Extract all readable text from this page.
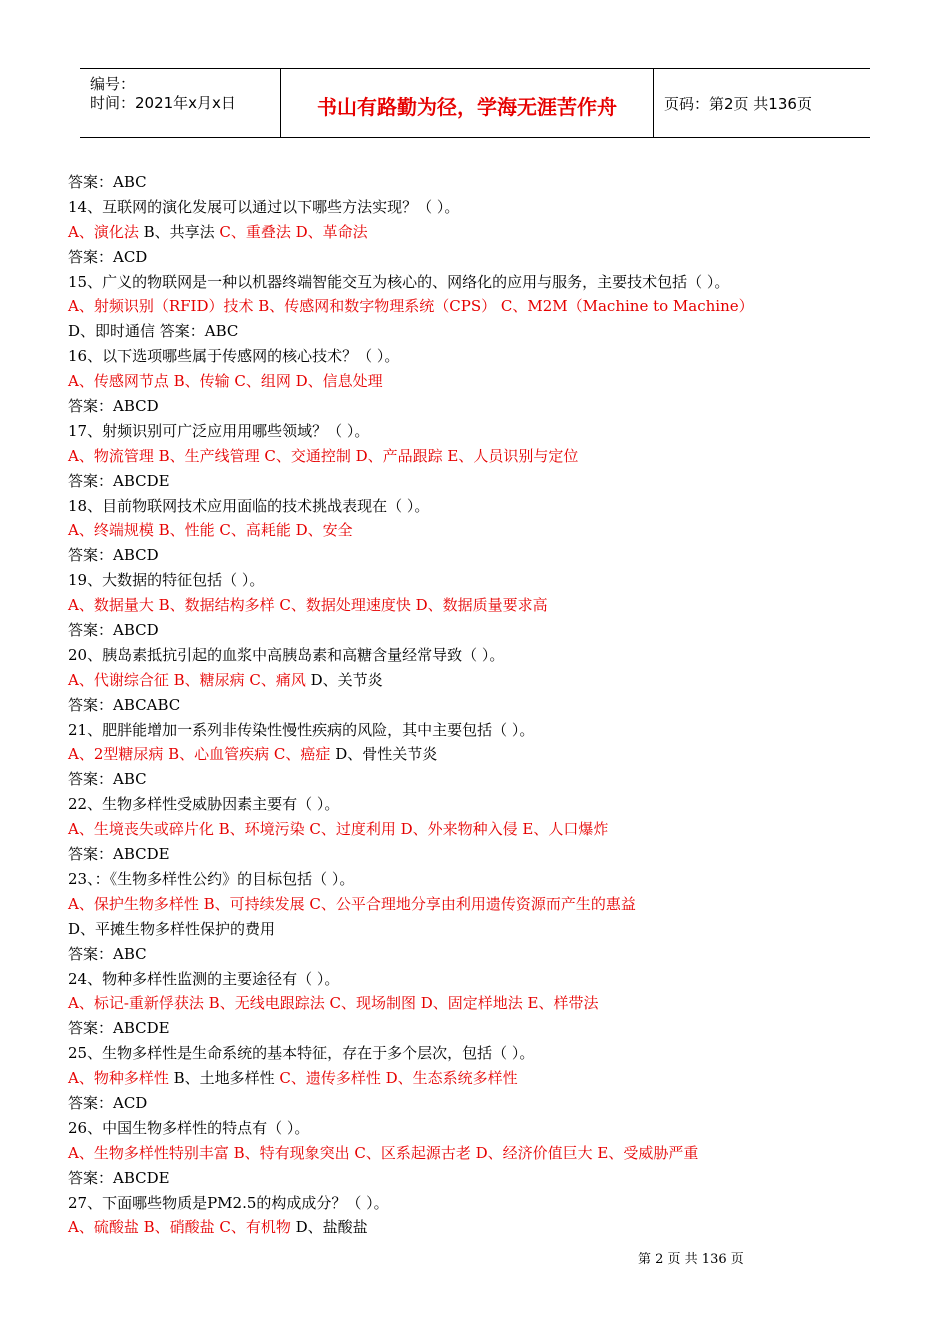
编号：
时间：2021年x月x日	书山有路勤为径，学海无涯苦作舟	页码：第2页 共136页
答案：ABC
14、互联网的演化发展可以通过以下哪些方法实现？（ ）。
A、演化法 B、共享法 C、重叠法 D、革命法
答案：ACD
15、广义的物联网是一种以机器终端智能交互为核心的、网络化的应用与服务，主要技术包括（ ）。
A、射频识别（RFID）技术 B、传感网和数字物理系统（CPS） C、M2M（Machine to Machine）
D、即时通信 答案：ABC
16、以下选项哪些属于传感网的核心技术？（ ）。
A、传感网节点 B、传输 C、组网 D、信息处理
答案：ABCD
17、射频识别可广泛应用用哪些领域？（ ）。
A、物流管理 B、生产线管理 C、交通控制 D、产品跟踪 E、人员识别与定位
答案：ABCDE
18、目前物联网技术应用面临的技术挑战表现在（ ）。
A、终端规模 B、性能 C、高耗能 D、安全
答案：ABCD
19、大数据的特征包括（ ）。
A、数据量大 B、数据结构多样 C、数据处理速度快 D、数据质量要求高
答案：ABCD
20、胰岛素抵抗引起的血浆中高胰岛素和高糖含量经常导致（ ）。
A、代谢综合征 B、糖尿病 C、痛风 D、关节炎
答案：ABCABC
21、肥胖能增加一系列非传染性慢性疾病的风险，其中主要包括（ ）。
A、2型糖尿病 B、心血管疾病 C、癌症 D、骨性关节炎
答案：ABC
22、生物多样性受威胁因素主要有（ ）。
A、生境丧失或碎片化 B、环境污染 C、过度利用 D、外来物种入侵 E、人口爆炸
答案：ABCDE
23、：《生物多样性公约》的目标包括（ ）。
A、保护生物多样性 B、可持续发展 C、公平合理地分享由利用遗传资源而产生的惠益
D、平摊生物多样性保护的费用
答案：ABC
24、物种多样性监测的主要途径有（ ）。
A、标记-重新俘获法 B、无线电跟踪法 C、现场制图 D、固定样地法 E、样带法
答案：ABCDE
25、生物多样性是生命系统的基本特征，存在于多个层次，包括（ ）。
A、物种多样性 B、土地多样性 C、遗传多样性 D、生态系统多样性
答案：ACD
26、中国生物多样性的特点有（ ）。
A、生物多样性特别丰富 B、特有现象突出 C、区系起源古老 D、经济价值巨大 E、受威胁严重
答案：ABCDE
27、下面哪些物质是PM2.5的构成成分？（ ）。
A、硫酸盐 B、硝酸盐 C、有机物 D、盐酸盐
第 2 页 共 136 页
